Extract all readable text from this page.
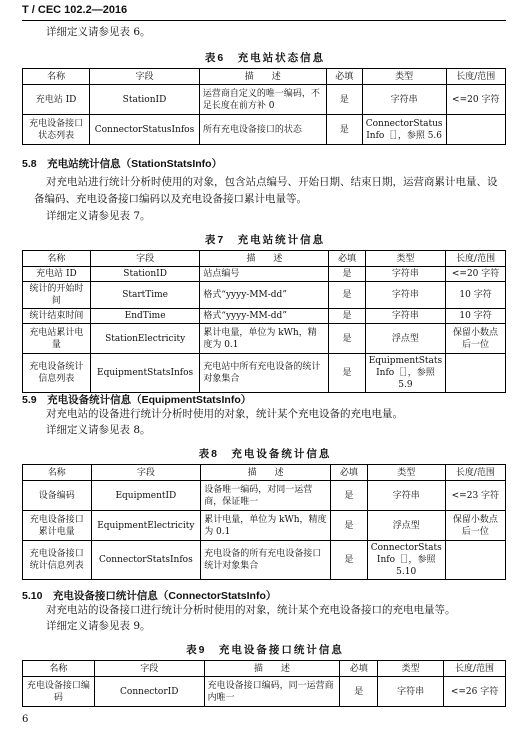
T / CEC 102.2—2016
详细定义请参见表 6。
表6　充电站状态信息
名称	字段	描　　述	必填	类型	长度/范围
充电站 ID	StationID	运营商自定义的唯一编码，不足长度在前方补 0	是	字符串	<=20 字符
充电设备接口状态列表	ConnectorStatusInfos	所有充电设备接口的状态	是	ConnectorStatus Info［］，参照 5.6	
5.8　充电站统计信息（StationStatsInfo）
对充电站进行统计分析时使用的对象，包含站点编号、开始日期、结束日期，运营商累计电量、设备编码、充电设备接口编码以及充电设备接口累计电量等。
详细定义请参见表 7。
表7　充电站统计信息
名称	字段	描　　述	必填	类型	长度/范围
充电站 ID	StationID	站点编号	是	字符串	<=20 字符
统计的开始时间	StartTime	格式“yyyy-MM-dd”	是	字符串	10 字符
统计结束时间	EndTime	格式“yyyy-MM-dd”	是	字符串	10 字符
充电站累计电量	StationElectricity	累计电量，单位为 kWh，精度为 0.1	是	浮点型	保留小数点后一位
充电设备统计信息列表	EquipmentStatsInfos	充电站中所有充电设备的统计对象集合	是	EquipmentStats Info［］，参照 5.9	
5.9　充电设备统计信息（EquipmentStatsInfo）
对充电站的设备进行统计分析时使用的对象，统计某个充电设备的充电电量。
详细定义请参见表 8。
表8　充电设备统计信息
名称	字段	描　　述	必填	类型	长度/范围
设备编码	EquipmentID	设备唯一编码，对同一运营商，保证唯一	是	字符串	<=23 字符
充电设备接口累计电量	EquipmentElectricity	累计电量，单位为 kWh，精度为 0.1	是	浮点型	保留小数点后一位
充电设备接口统计信息列表	ConnectorStatsInfos	充电设备的所有充电设备接口统计对象集合	是	ConnectorStats Info［］，参照 5.10	
5.10　充电设备接口统计信息（ConnectorStatsInfo）
对充电站的设备接口进行统计分析时使用的对象，统计某个充电设备接口的充电电量等。
详细定义请参见表 9。
表9　充电设备接口统计信息
名称	字段	描　　述	必填	类型	长度/范围
充电设备接口编码	ConnectorID	充电设备接口编码，同一运营商内唯一	是	字符串	<=26 字符
6
